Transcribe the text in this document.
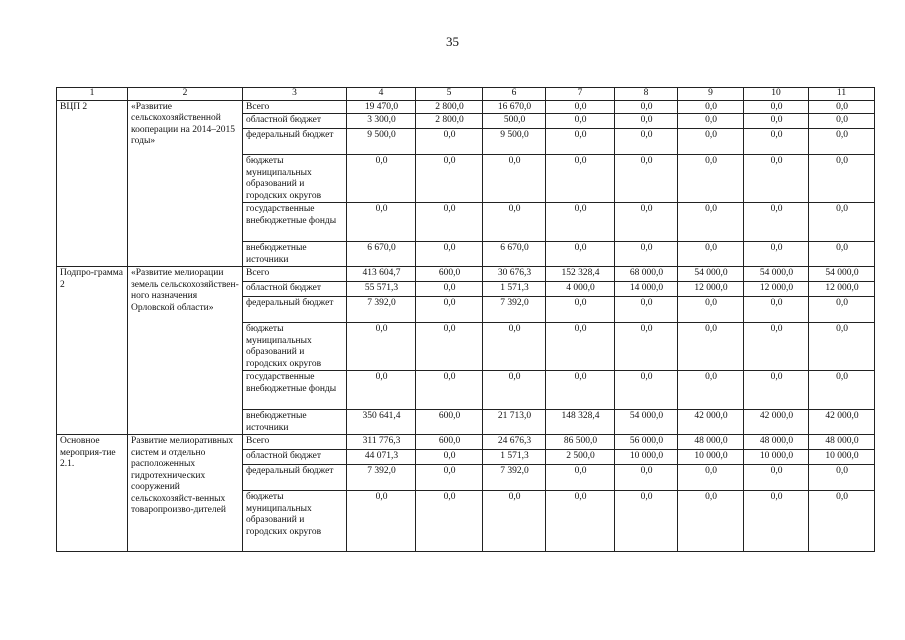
35
1	2	3	4	5	6	7	8	9	10	11
ВЦП 2	«Развитие сельскохозяйственной кооперации на 2014–2015 годы»	Всего	19 470,0	2 800,0	16 670,0	0,0	0,0	0,0	0,0	0,0
		областной бюджет	3 300,0	2 800,0	500,0	0,0	0,0	0,0	0,0	0,0
		федеральный бюджет	9 500,0	0,0	9 500,0	0,0	0,0	0,0	0,0	0,0
		бюджеты муниципальных образований и городских округов	0,0	0,0	0,0	0,0	0,0	0,0	0,0	0,0
		государственные внебюджетные фонды	0,0	0,0	0,0	0,0	0,0	0,0	0,0	0,0
		внебюджетные источники	6 670,0	0,0	6 670,0	0,0	0,0	0,0	0,0	0,0
Подпро-грамма 2	«Развитие мелиорации земель сельскохозяйствен-ного назначения Орловской области»	Всего	413 604,7	600,0	30 676,3	152 328,4	68 000,0	54 000,0	54 000,0	54 000,0
		областной бюджет	55 571,3	0,0	1 571,3	4 000,0	14 000,0	12 000,0	12 000,0	12 000,0
		федеральный бюджет	7 392,0	0,0	7 392,0	0,0	0,0	0,0	0,0	0,0
		бюджеты муниципальных образований и городских округов	0,0	0,0	0,0	0,0	0,0	0,0	0,0	0,0
		государственные внебюджетные фонды	0,0	0,0	0,0	0,0	0,0	0,0	0,0	0,0
		внебюджетные источники	350 641,4	600,0	21 713,0	148 328,4	54 000,0	42 000,0	42 000,0	42 000,0
Основное мероприя-тие 2.1.	Развитие мелиоративных систем и отдельно расположенных гидротехнических сооружений сельскохозяйст-венных товаропроизво-дителей	Всего	311 776,3	600,0	24 676,3	86 500,0	56 000,0	48 000,0	48 000,0	48 000,0
		областной бюджет	44 071,3	0,0	1 571,3	2 500,0	10 000,0	10 000,0	10 000,0	10 000,0
		федеральный бюджет	7 392,0	0,0	7 392,0	0,0	0,0	0,0	0,0	0,0
		бюджеты муниципальных образований и городских округов	0,0	0,0	0,0	0,0	0,0	0,0	0,0	0,0
